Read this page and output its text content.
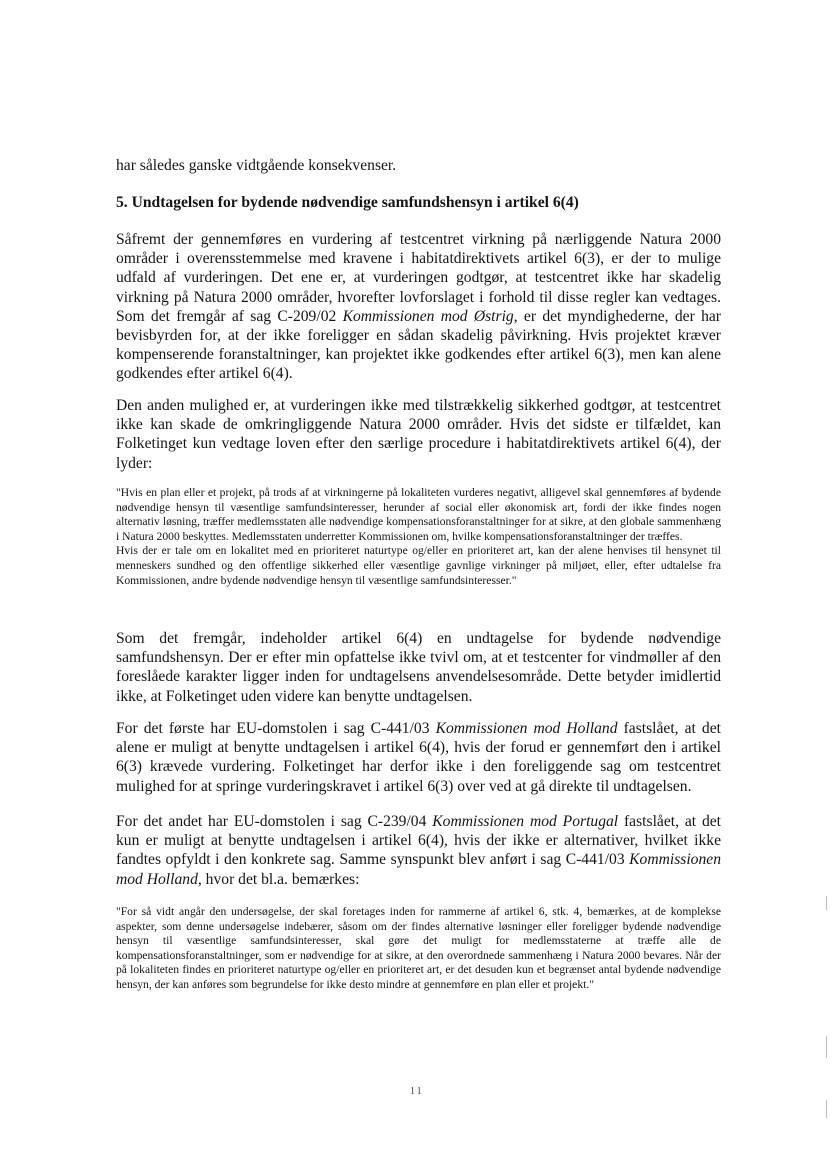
har således ganske vidtgående konsekvenser.

5. Undtagelsen for bydende nødvendige samfundshensyn i artikel 6(4)

Såfremt der gennemføres en vurdering af testcentret virkning på nærliggende Natura 2000 områder i overensstemmelse med kravene i habitatdirektivets artikel 6(3), er der to mulige udfald af vurderingen. Det ene er, at vurderingen godtgør, at testcentret ikke har skadelig virkning på Natura 2000 områder, hvorefter lovforslaget i forhold til disse regler kan vedtages. Som det fremgår af sag C-209/02 Kommissionen mod Østrig, er det myndighederne, der har bevisbyrden for, at der ikke foreligger en sådan skadelig påvirkning. Hvis projektet kræver kompenserende foranstaltninger, kan projektet ikke godkendes efter artikel 6(3), men kan alene godkendes efter artikel 6(4).

Den anden mulighed er, at vurderingen ikke med tilstrækkelig sikkerhed godtgør, at testcentret ikke kan skade de omkringliggende Natura 2000 områder. Hvis det sidste er tilfældet, kan Folketinget kun vedtage loven efter den særlige procedure i habitatdirektivets artikel 6(4), der lyder:

"Hvis en plan eller et projekt, på trods af at virkningerne på lokaliteten vurderes negativt, alligevel skal gennemføres af bydende nødvendige hensyn til væsentlige samfundsinteresser, herunder af social eller økonomisk art, fordi der ikke findes nogen alternativ løsning, træffer medlemsstaten alle nødvendige kompensationsforanstaltninger for at sikre, at den globale sammenhæng i Natura 2000 beskyttes. Medlemsstaten underretter Kommissionen om, hvilke kompensationsforanstaltninger der træffes.
Hvis der er tale om en lokalitet med en prioriteret naturtype og/eller en prioriteret art, kan der alene henvises til hensynet til menneskers sundhed og den offentlige sikkerhed eller væsentlige gavnlige virkninger på miljøet, eller, efter udtalelse fra Kommissionen, andre bydende nødvendige hensyn til væsentlige samfundsinteresser."

Som det fremgår, indeholder artikel 6(4) en undtagelse for bydende nødvendige samfundshensyn. Der er efter min opfattelse ikke tvivl om, at et testcenter for vindmøller af den foreslåede karakter ligger inden for undtagelsens anvendelsesområde. Dette betyder imidlertid ikke, at Folketinget uden videre kan benytte undtagelsen.

For det første har EU-domstolen i sag C-441/03 Kommissionen mod Holland fastslået, at det alene er muligt at benytte undtagelsen i artikel 6(4), hvis der forud er gennemført den i artikel 6(3) krævede vurdering. Folketinget har derfor ikke i den foreliggende sag om testcentret mulighed for at springe vurderingskravet i artikel 6(3) over ved at gå direkte til undtagelsen.

For det andet har EU-domstolen i sag C-239/04 Kommissionen mod Portugal fastslået, at det kun er muligt at benytte undtagelsen i artikel 6(4), hvis der ikke er alternativer, hvilket ikke fandtes opfyldt i den konkrete sag. Samme synspunkt blev anført i sag C-441/03 Kommissionen mod Holland, hvor det bl.a. bemærkes:

"For så vidt angår den undersøgelse, der skal foretages inden for rammerne af artikel 6, stk. 4, bemærkes, at de komplekse aspekter, som denne undersøgelse indebærer, såsom om der findes alternative løsninger eller foreligger bydende nødvendige hensyn til væsentlige samfundsinteresser, skal gøre det muligt for medlemsstaterne at træffe alle de kompensationsforanstaltninger, som er nødvendige for at sikre, at den overordnede sammenhæng i Natura 2000 bevares. Når der på lokaliteten findes en prioriteret naturtype og/eller en prioriteret art, er det desuden kun et begrænset antal bydende nødvendige hensyn, der kan anføres som begrundelse for ikke desto mindre at gennemføre en plan eller et projekt."

11
